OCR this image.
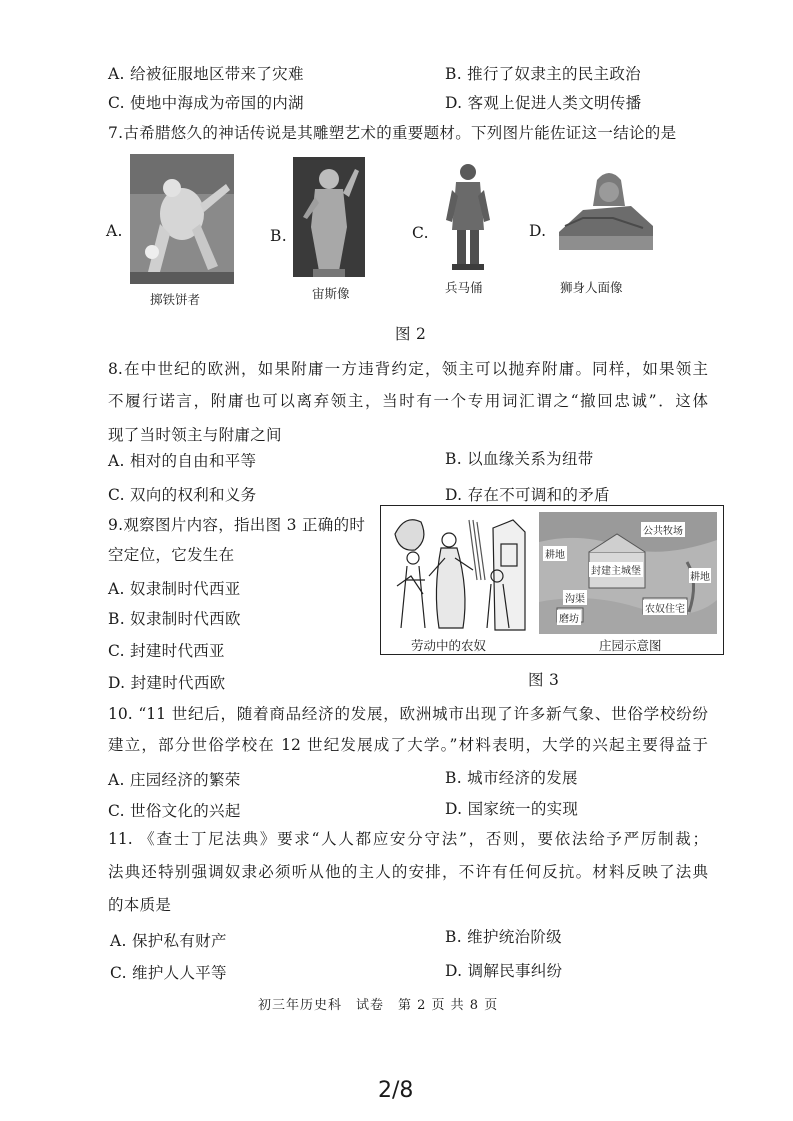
A. 给被征服地区带来了灾难	B. 推行了奴隶主的民主政治
C. 使地中海成为帝国的内湖	D. 客观上促进人类文明传播
7.古希腊悠久的神话传说是其雕塑艺术的重要题材。下列图片能佐证这一结论的是
A.
掷铁饼者
B.
宙斯像
C.
兵马俑
D.
狮身人面像
图 2
8.在中世纪的欧洲，如果附庸一方违背约定，领主可以抛弃附庸。同样，如果领主
不履行诺言，附庸也可以离弃领主，当时有一个专用词汇谓之“撤回忠诚”．这体
现了当时领主与附庸之间
A. 相对的自由和平等	B. 以血缘关系为纽带
C. 双向的权利和义务	D. 存在不可调和的矛盾
9.观察图片内容，指出图 3 正确的时
空定位，它发生在
A. 奴隶制时代西亚
B. 奴隶制时代西欧
C. 封建时代西亚
D. 封建时代西欧
公共牧场
耕地
封建主城堡
耕地
磨坊
沟渠
农奴住宅
劳动中的农奴	庄园示意图
图 3
10. “11 世纪后，随着商品经济的发展，欧洲城市出现了许多新气象、世俗学校纷纷
建立，部分世俗学校在 12 世纪发展成了大学。”材料表明，大学的兴起主要得益于
A. 庄园经济的繁荣	B. 城市经济的发展
C. 世俗文化的兴起	D. 国家统一的实现
11. 《查士丁尼法典》要求“人人都应安分守法”，否则，要依法给予严厉制裁；
法典还特别强调奴隶必须听从他的主人的安排，不许有任何反抗。材料反映了法典
的本质是
A. 保护私有财产	B. 维护统治阶级
C. 维护人人平等	D. 调解民事纠纷
初三年历史科　试卷　第 2 页 共 8 页
2/8
